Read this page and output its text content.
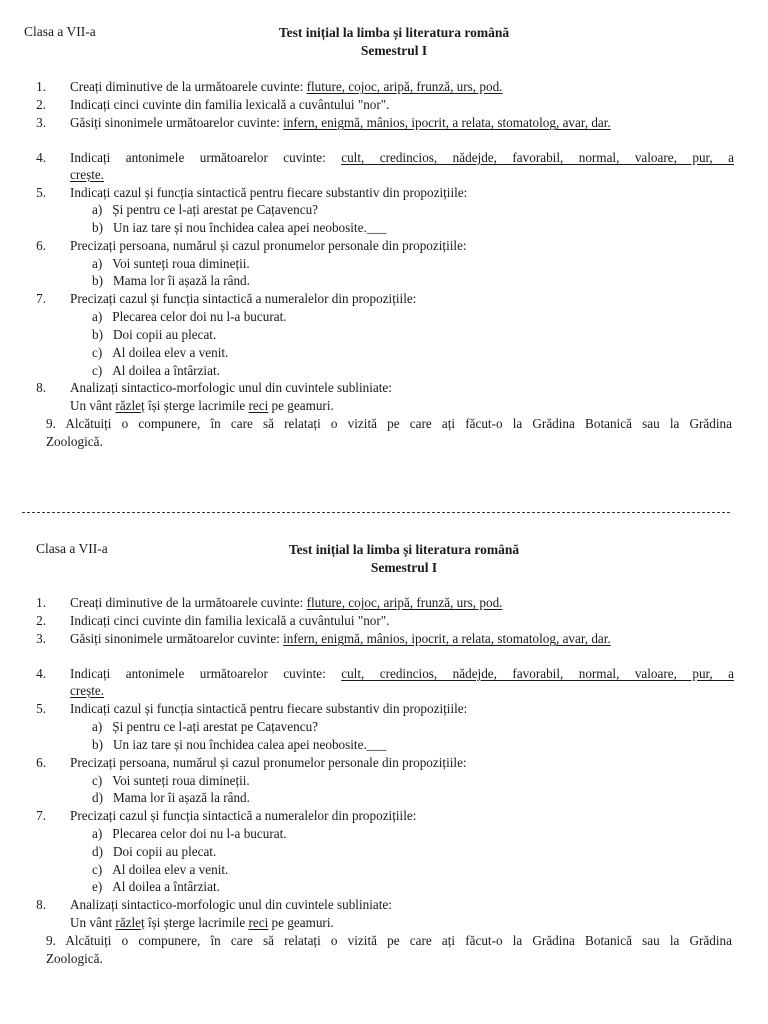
Clasa a VII-a	Test inițial la limba și literatura română
Semestrul I
1. Creați diminutive de la următoarele cuvinte: fluture, cojoc, aripă, frunză, urs, pod.
2. Indicați cinci cuvinte din familia lexicală a cuvântului "nor".
3. Găsiți sinonimele următoarelor cuvinte: infern, enigmă, mânios, ipocrit, a relata, stomatolog, avar, dar.
4. Indicați antonimele următoarelor cuvinte: cult, credincios, nădejde, favorabil, normal, valoare, pur, a
crește.
5. Indicați cazul și funcția sintactică pentru fiecare substantiv din propozițiile:
a) Și pentru ce l-ați arestat pe Cațavencu?
b) Un iaz tare și nou închidea calea apei neobosite.___
6. Precizați persoana, numărul și cazul pronumelor personale din propozițiile:
a) Voi sunteți roua dimineții.
b) Mama lor îi așază la rând.
7. Precizați cazul și funcția sintactică a numeralelor din propozițiile:
a) Plecarea celor doi nu l-a bucurat.
b) Doi copii au plecat.
c) Al doilea elev a venit.
c) Al doilea a întârziat.
8. Analizați sintactico-morfologic unul din cuvintele subliniate:
Un vânt răzleț își șterge lacrimile reci pe geamuri.
9. Alcătuiți o compunere, în care să relatați o vizită pe care ați făcut-o la Grădina Botanică sau la Grădina
Zoologică.
Clasa a VII-a	Test inițial la limba și literatura română
Semestrul I
1. Creați diminutive de la următoarele cuvinte: fluture, cojoc, aripă, frunză, urs, pod.
2. Indicați cinci cuvinte din familia lexicală a cuvântului "nor".
3. Găsiți sinonimele următoarelor cuvinte: infern, enigmă, mânios, ipocrit, a relata, stomatolog, avar, dar.
4. Indicați antonimele următoarelor cuvinte: cult, credincios, nădejde, favorabil, normal, valoare, pur, a
crește.
5. Indicați cazul și funcția sintactică pentru fiecare substantiv din propozițiile:
a) Și pentru ce l-ați arestat pe Cațavencu?
b) Un iaz tare și nou închidea calea apei neobosite.___
6. Precizați persoana, numărul și cazul pronumelor personale din propozițiile:
c) Voi sunteți roua dimineții.
d) Mama lor îi așază la rând.
7. Precizați cazul și funcția sintactică a numeralelor din propozițiile:
a) Plecarea celor doi nu l-a bucurat.
d) Doi copii au plecat.
c) Al doilea elev a venit.
e) Al doilea a întârziat.
8. Analizați sintactico-morfologic unul din cuvintele subliniate:
Un vânt răzleț își șterge lacrimile reci pe geamuri.
9. Alcătuiți o compunere, în care să relatați o vizită pe care ați făcut-o la Grădina Botanică sau la Grădina
Zoologică.
